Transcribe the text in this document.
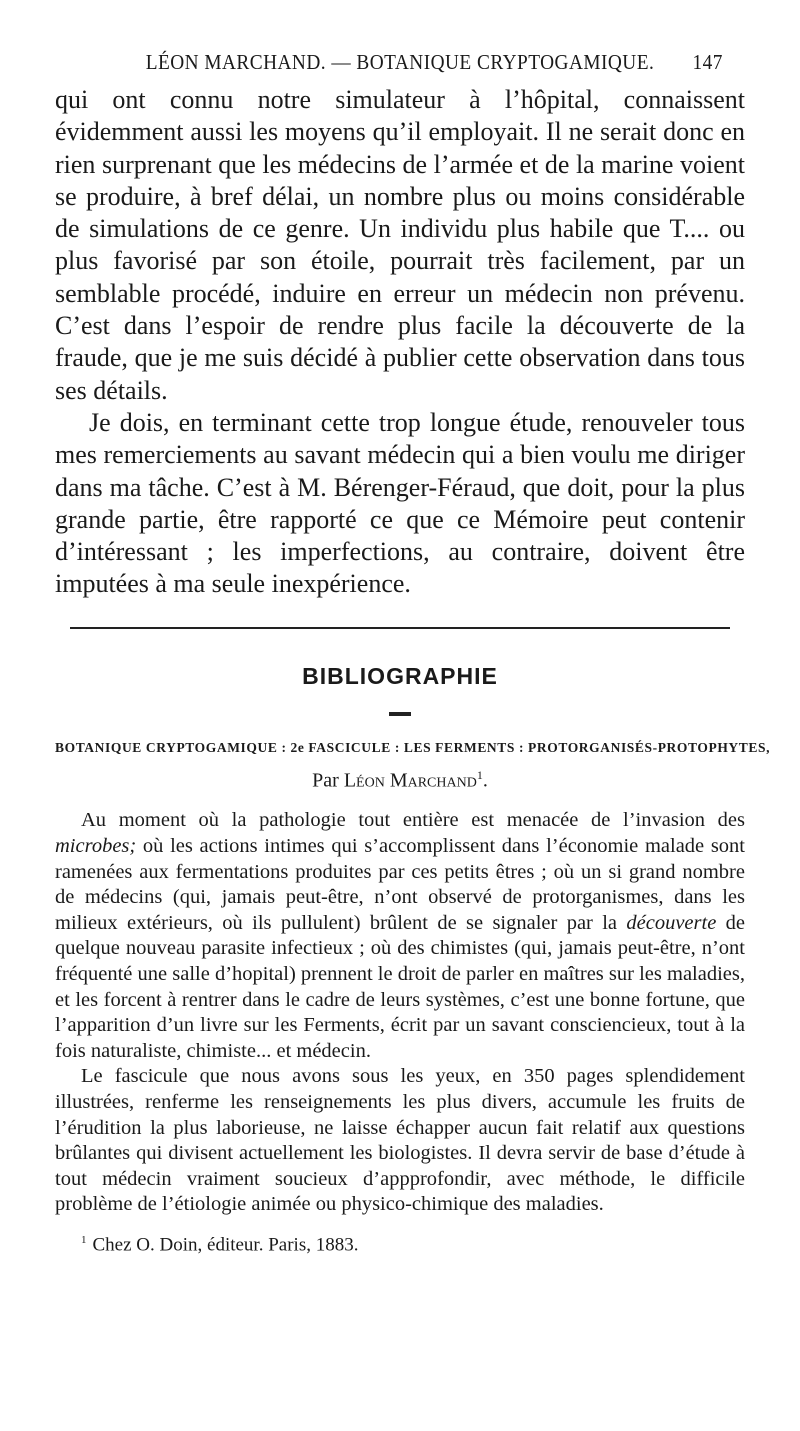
LÉON MARCHAND. — BOTANIQUE CRYPTOGAMIQUE. 147

qui ont connu notre simulateur à l’hôpital, connaissent évidemment aussi les moyens qu’il employait. Il ne serait donc en rien surprenant que les médecins de l’armée et de la marine voient se produire, à bref délai, un nombre plus ou moins considérable de simulations de ce genre. Un individu plus habile que T.... ou plus favorisé par son étoile, pourrait très facilement, par un semblable procédé, induire en erreur un médecin non prévenu. C’est dans l’espoir de rendre plus facile la découverte de la fraude, que je me suis décidé à publier cette observation dans tous ses détails.

Je dois, en terminant cette trop longue étude, renouveler tous mes remerciements au savant médecin qui a bien voulu me diriger dans ma tâche. C’est à M. Bérenger-Féraud, que doit, pour la plus grande partie, être rapporté ce que ce Mémoire peut contenir d’intéressant ; les imperfections, au contraire, doivent être imputées à ma seule inexpérience.

BIBLIOGRAPHIE
BOTANIQUE CRYPTOGAMIQUE : 2e FASCICULE : LES FERMENTS : PROTORGANISÉS-PROTOPHYTES,
Par Léon Marchand$^1$.

Au moment où la pathologie tout entière est menacée de l’invasion des microbes; où les actions intimes qui s’accomplissent dans l’économie malade sont ramenées aux fermentations produites par ces petits êtres ; où un si grand nombre de médecins (qui, jamais peut-être, n’ont observé de protorganismes, dans les milieux extérieurs, où ils pullulent) brûlent de se signaler par la découverte de quelque nouveau parasite infectieux ; où des chimistes (qui, jamais peut-être, n’ont fréquenté une salle d’hopital) prennent le droit de parler en maîtres sur les maladies, et les forcent à rentrer dans le cadre de leurs systèmes, c’est une bonne fortune, que l’apparition d’un livre sur les Ferments, écrit par un savant consciencieux, tout à la fois naturaliste, chimiste... et médecin.

Le fascicule que nous avons sous les yeux, en 350 pages splendidement illustrées, renferme les renseignements les plus divers, accumule les fruits de l’érudition la plus laborieuse, ne laisse échapper aucun fait relatif aux questions brûlantes qui divisent actuellement les biologistes. Il devra servir de base d’étude à tout médecin vraiment soucieux d’appprofondir, avec méthode, le difficile problème de l’étiologie animée ou physico-chimique des maladies.

$^1$ Chez O. Doin, éditeur. Paris, 1883.
